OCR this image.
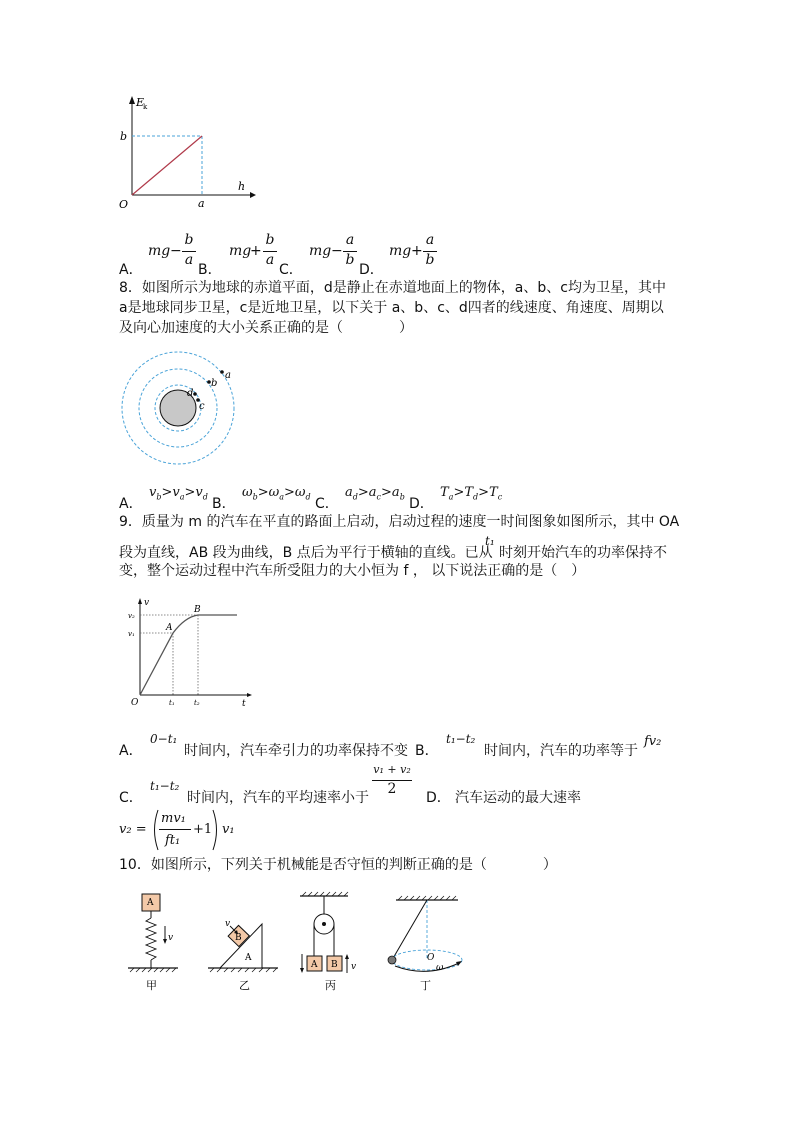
E
k
h
O
b
a
A．
mg −
b
a
B．
mg
+
b
a
C．
mg −
a
b
D．
mg +
a
b
8．如图所示为地球的赤道平面，d是静止在赤道地面上的物体，a、b、c均为卫星，其中
a是地球同步卫星，c是近地卫星，以下关于 a、b、c、d四者的线速度、角速度、周期以
及向心加速度的大小关系正确的是（　　　　）
a
b
d
c
A．
$v_b>v_a>v_d$ B．
$\omega_b>\omega_a>\omega_d$ C．
$a_d>a_c>a_b$ D．
$T_a>T_d>T_c$
9．质量为 m 的汽车在平直的路面上启动，启动过程的速度一时间图象如图所示，其中 OA
段为直线，AB 段为曲线，B 点后为平行于横轴的直线。已从
t₁
时刻开始汽车的功率保持不
变，整个运动过程中汽车所受阻力的大小恒为 f ， 以下说法正确的是（　）
v
t
O
A
B
v₁
v₂
t₁	t₂
A．
0−t₁
时间内，汽车牵引力的功率保持不变 B．
t₁−t₂
时间内，汽车的功率等于
fv₂
C．
t₁−t₂
时间内，汽车的平均速率小于
v₁ + v₂
2
D． 汽车运动的最大速率
v₂ =
mv₁
ft₁
+1 v₁
10．如图所示，下列关于机械能是否守恒的判断正确的是（　　　　）
A
v
甲
B
A
v
乙
A B v
丙
O
ω
丁
